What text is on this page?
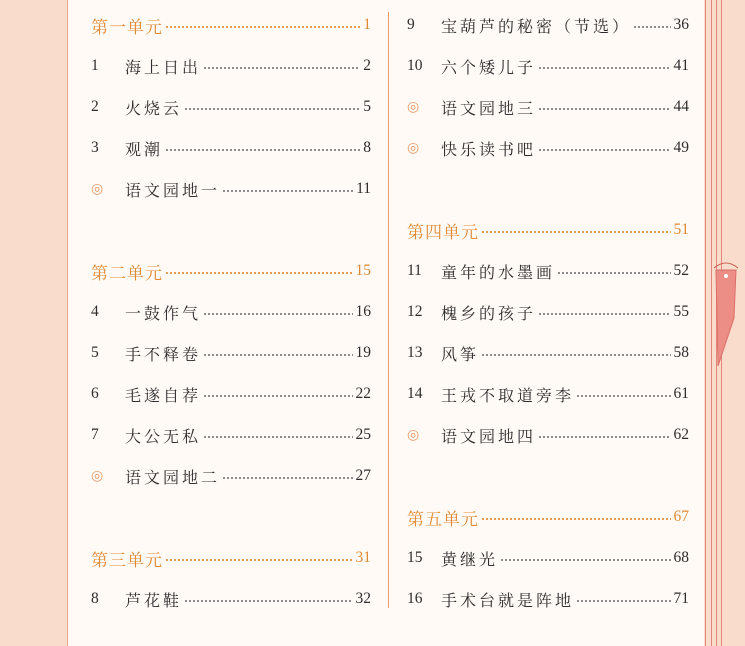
第一单元	1
1	海上日出	2
2	火烧云	5
3	观潮	8
◎	语文园地一	11
第二单元	15
4	一鼓作气	16
5	手不释卷	19
6	毛遂自荐	22
7	大公无私	25
◎	语文园地二	27
第三单元	31
8	芦花鞋	32
9	宝葫芦的秘密（节选）	36
10	六个矮儿子	41
◎	语文园地三	44
◎	快乐读书吧	49
第四单元	51
11	童年的水墨画	52
12	槐乡的孩子	55
13	风筝	58
14	王戎不取道旁李	61
◎	语文园地四	62
第五单元	67
15	黄继光	68
16	手术台就是阵地	71
